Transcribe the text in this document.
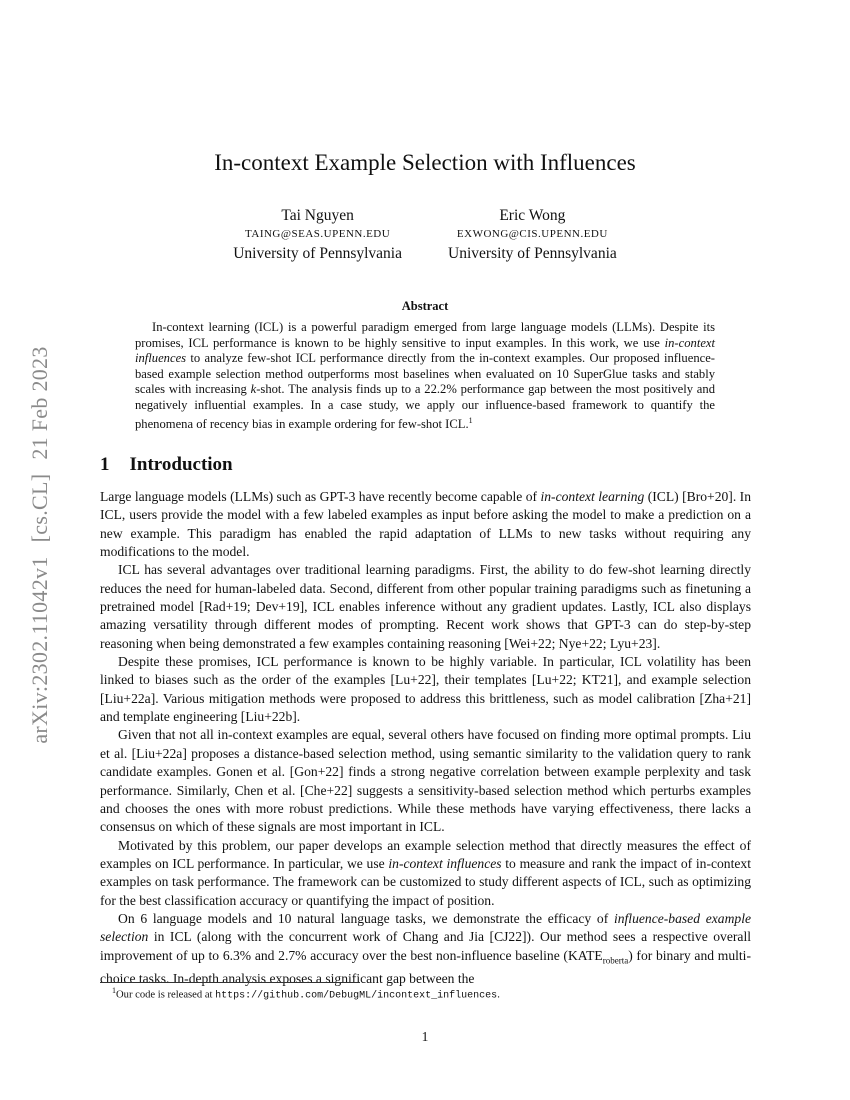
arXiv:2302.11042v1[cs.CL]21 Feb 2023
In-context Example Selection with Influences
Tai Nguyen
TAING@SEAS.UPENN.EDU
University of Pennsylvania
Eric Wong
EXWONG@CIS.UPENN.EDU
University of Pennsylvania
Abstract
In-context learning (ICL) is a powerful paradigm emerged from large language models (LLMs). Despite its promises, ICL performance is known to be highly sensitive to input examples. In this work, we use in-context influences to analyze few-shot ICL performance directly from the in-context examples. Our proposed influence-based example selection method outperforms most baselines when evaluated on 10 SuperGlue tasks and stably scales with increasing k-shot. The analysis finds up to a 22.2% performance gap between the most positively and negatively influential examples. In a case study, we apply our influence-based framework to quantify the phenomena of recency bias in example ordering for few-shot ICL.$^1$
1 Introduction

Large language models (LLMs) such as GPT-3 have recently become capable of in-context learning (ICL) [Bro+20]. In ICL, users provide the model with a few labeled examples as input before asking the model to make a prediction on a new example. This paradigm has enabled the rapid adaptation of LLMs to new tasks without requiring any modifications to the model.

ICL has several advantages over traditional learning paradigms. First, the ability to do few-shot learning directly reduces the need for human-labeled data. Second, different from other popular training paradigms such as finetuning a pretrained model [Rad+19; Dev+19], ICL enables inference without any gradient updates. Lastly, ICL also displays amazing versatility through different modes of prompting. Recent work shows that GPT-3 can do step-by-step reasoning when being demonstrated a few examples containing reasoning [Wei+22; Nye+22; Lyu+23].

Despite these promises, ICL performance is known to be highly variable. In particular, ICL volatility has been linked to biases such as the order of the examples [Lu+22], their templates [Lu+22; KT21], and example selection [Liu+22a]. Various mitigation methods were proposed to address this brittleness, such as model calibration [Zha+21] and template engineering [Liu+22b].

Given that not all in-context examples are equal, several others have focused on finding more optimal prompts. Liu et al. [Liu+22a] proposes a distance-based selection method, using semantic similarity to the validation query to rank candidate examples. Gonen et al. [Gon+22] finds a strong negative correlation between example perplexity and task performance. Similarly, Chen et al. [Che+22] suggests a sensitivity-based selection method which perturbs examples and chooses the ones with more robust predictions. While these methods have varying effectiveness, there lacks a consensus on which of these signals are most important in ICL.

Motivated by this problem, our paper develops an example selection method that directly measures the effect of examples on ICL performance. In particular, we use in-context influences to measure and rank the impact of in-context examples on task performance. The framework can be customized to study different aspects of ICL, such as optimizing for the best classification accuracy or quantifying the impact of position.

On 6 language models and 10 natural language tasks, we demonstrate the efficacy of influence-based example selection in ICL (along with the concurrent work of Chang and Jia [CJ22]). Our method sees a respective overall improvement of up to 6.3% and 2.7% accuracy over the best non-influence baseline $(KATE_{roberta})$ for binary and multi-choice tasks. In-depth analysis exposes a significant gap between the

$^1$Our code is released at https://github.com/DebugML/incontext_influences.
1
